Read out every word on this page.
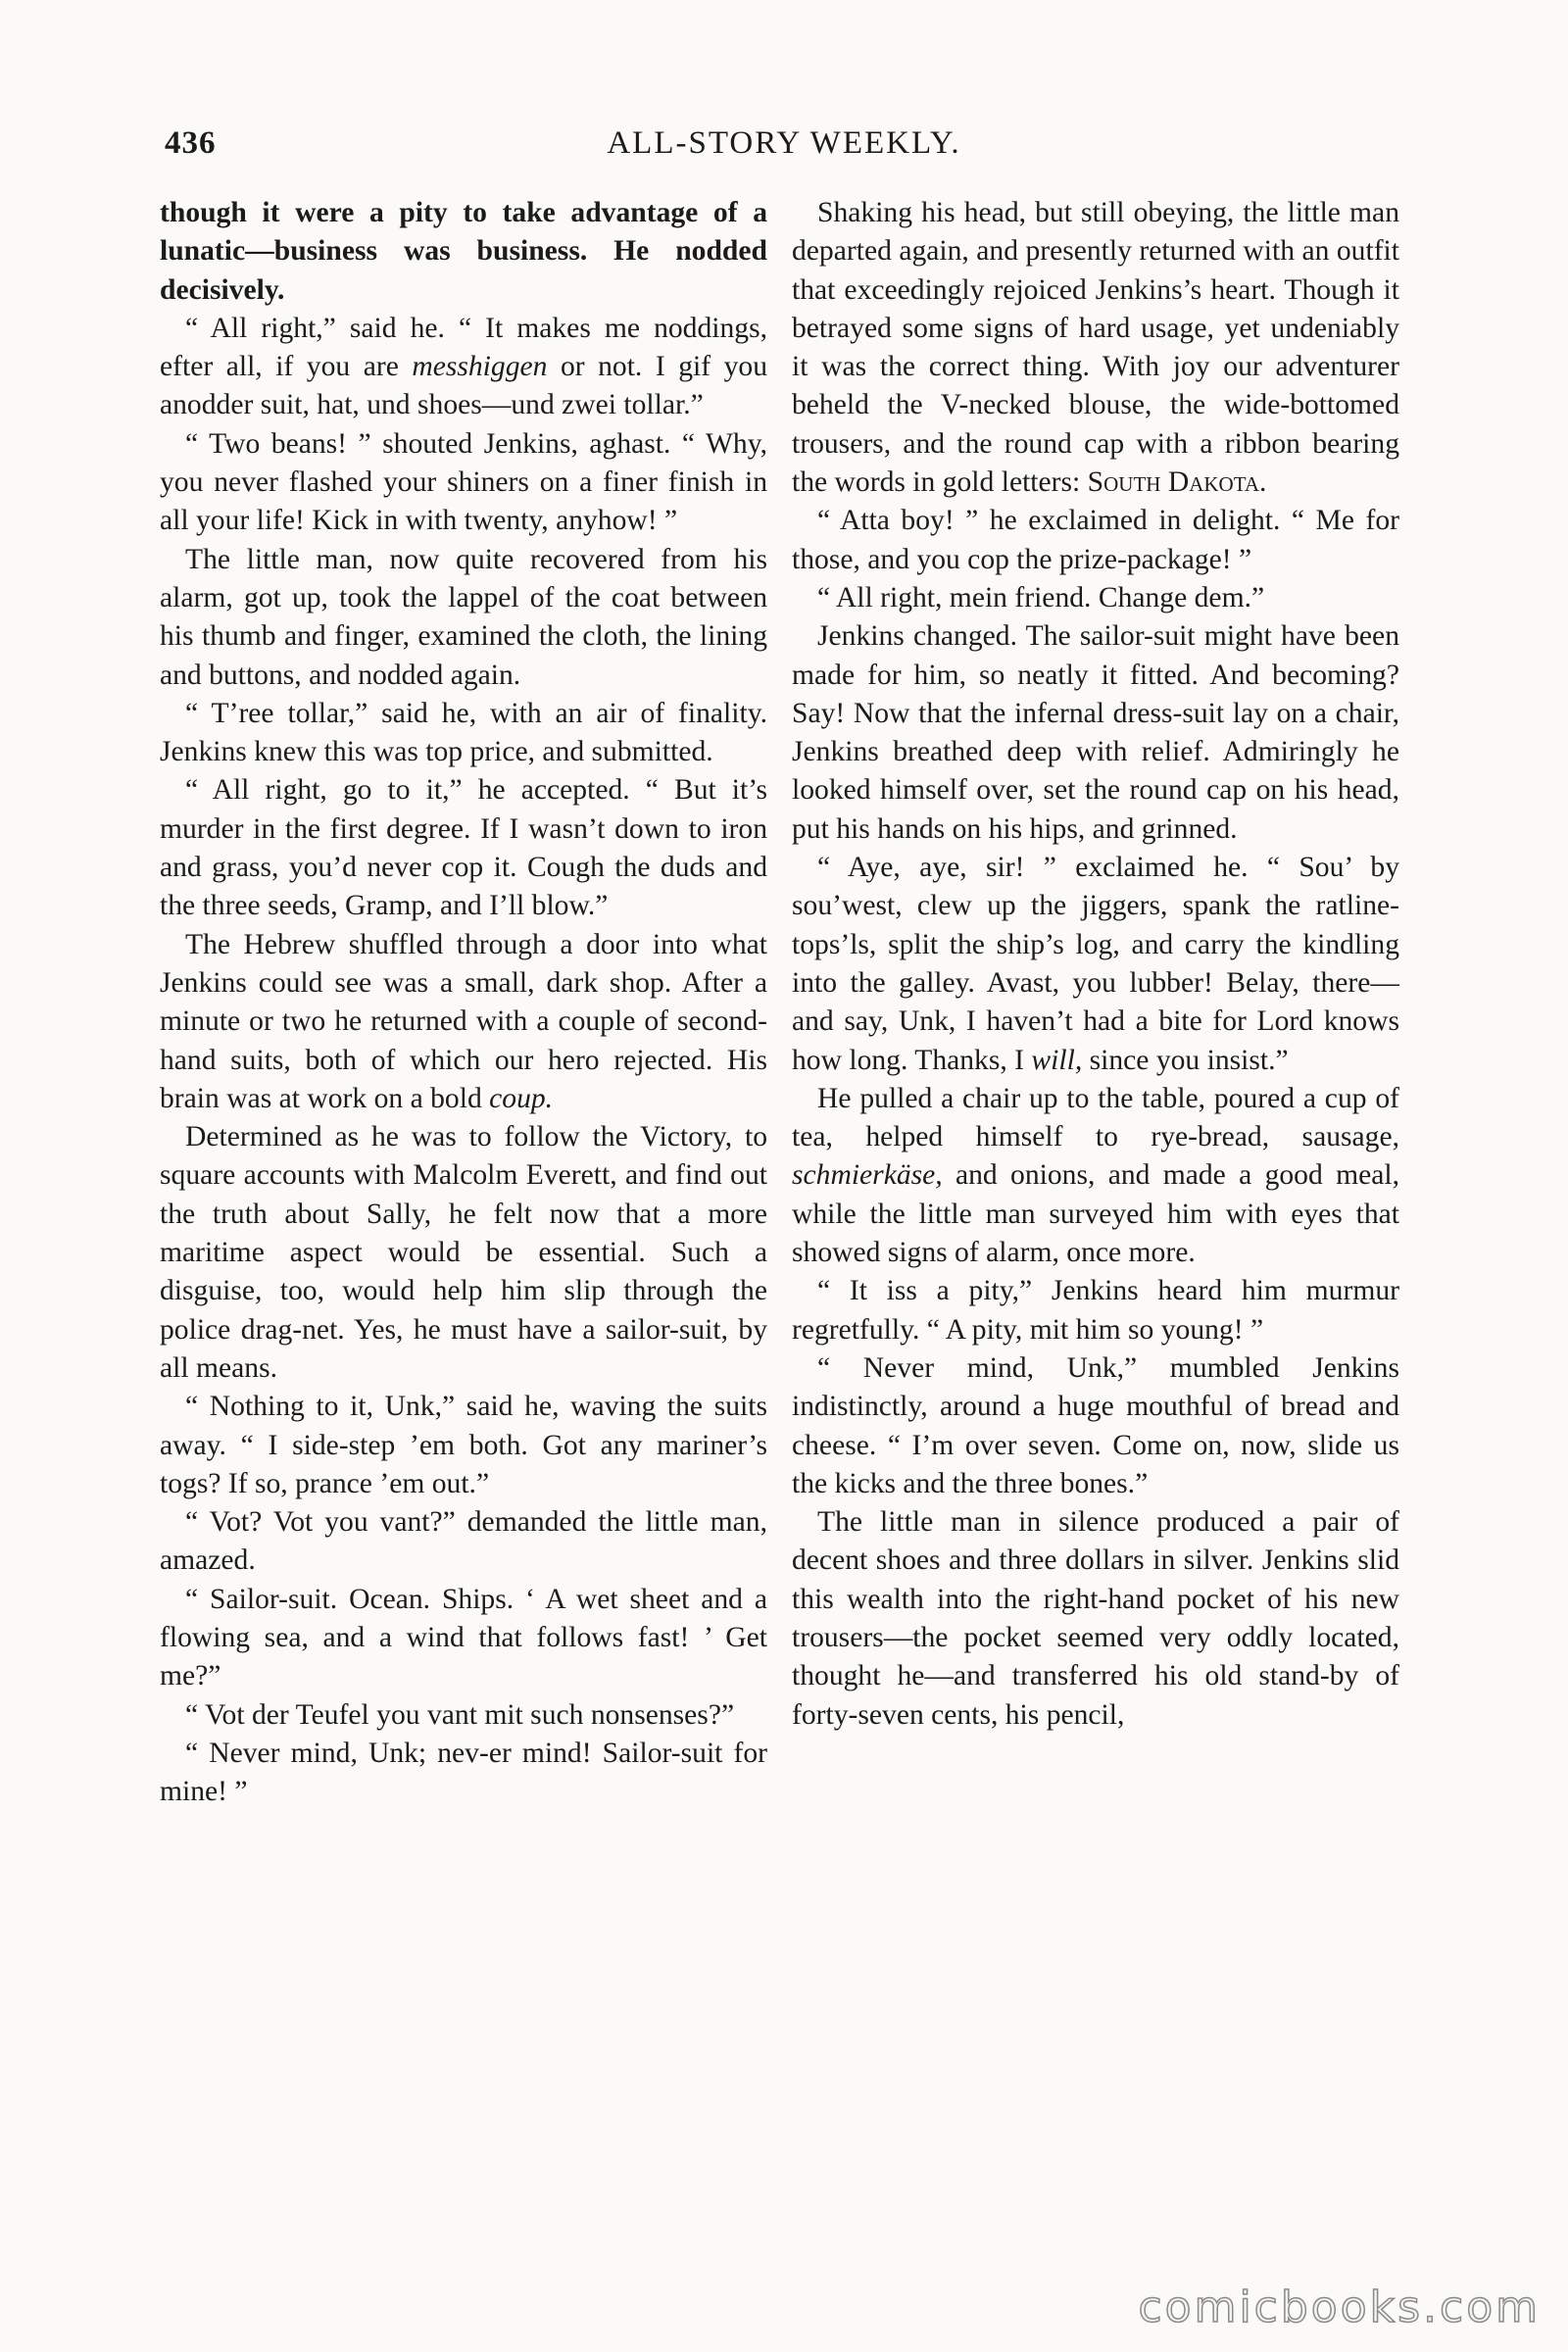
436	ALL-STORY WEEKLY.

though it were a pity to take advantage of a lunatic—business was business. He nodded decisively.

“ All right,” said he. “ It makes me noddings, efter all, if you are messhiggen or not. I gif you anodder suit, hat, und shoes—und zwei tollar.”

“ Two beans! ” shouted Jenkins, aghast. “ Why, you never flashed your shiners on a finer finish in all your life! Kick in with twenty, anyhow! ”

The little man, now quite recovered from his alarm, got up, took the lappel of the coat between his thumb and finger, examined the cloth, the lining and buttons, and nodded again.

“ T’ree tollar,” said he, with an air of finality. Jenkins knew this was top price, and submitted.

“ All right, go to it,” he accepted. “ But it’s murder in the first degree. If I wasn’t down to iron and grass, you’d never cop it. Cough the duds and the three seeds, Gramp, and I’ll blow.”

The Hebrew shuffled through a door into what Jenkins could see was a small, dark shop. After a minute or two he returned with a couple of second-hand suits, both of which our hero rejected. His brain was at work on a bold coup.

Determined as he was to follow the Victory, to square accounts with Malcolm Everett, and find out the truth about Sally, he felt now that a more maritime aspect would be essential. Such a disguise, too, would help him slip through the police drag-net. Yes, he must have a sailor-suit, by all means.

“ Nothing to it, Unk,” said he, waving the suits away. “ I side-step ’em both. Got any mariner’s togs? If so, prance ’em out.”

“ Vot? Vot you vant?” demanded the little man, amazed.

“ Sailor-suit. Ocean. Ships. ‘ A wet sheet and a flowing sea, and a wind that follows fast! ’ Get me?”

“ Vot der Teufel you vant mit such nonsenses?”

“ Never mind, Unk; nev-er mind! Sailor-suit for mine! ”

Shaking his head, but still obeying, the little man departed again, and presently returned with an outfit that exceedingly rejoiced Jenkins’s heart. Though it betrayed some signs of hard usage, yet undeniably it was the correct thing. With joy our adventurer beheld the V-necked blouse, the wide-bottomed trousers, and the round cap with a ribbon bearing the words in gold letters: South Dakota.

“ Atta boy! ” he exclaimed in delight. “ Me for those, and you cop the prize-package! ”

“ All right, mein friend. Change dem.”

Jenkins changed. The sailor-suit might have been made for him, so neatly it fitted. And becoming? Say! Now that the infernal dress-suit lay on a chair, Jenkins breathed deep with relief. Admiringly he looked himself over, set the round cap on his head, put his hands on his hips, and grinned.

“ Aye, aye, sir! ” exclaimed he. “ Sou’ by sou’west, clew up the jiggers, spank the ratline-tops’ls, split the ship’s log, and carry the kindling into the galley. Avast, you lubber! Belay, there—and say, Unk, I haven’t had a bite for Lord knows how long. Thanks, I will, since you insist.”

He pulled a chair up to the table, poured a cup of tea, helped himself to rye-bread, sausage, schmierkäse, and onions, and made a good meal, while the little man surveyed him with eyes that showed signs of alarm, once more.

“ It iss a pity,” Jenkins heard him murmur regretfully. “ A pity, mit him so young! ”

“ Never mind, Unk,” mumbled Jenkins indistinctly, around a huge mouthful of bread and cheese. “ I’m over seven. Come on, now, slide us the kicks and the three bones.”

The little man in silence produced a pair of decent shoes and three dollars in silver. Jenkins slid this wealth into the right-hand pocket of his new trousers—the pocket seemed very oddly located, thought he—and transferred his old stand-by of forty-seven cents, his pencil,

comicbooks.com
